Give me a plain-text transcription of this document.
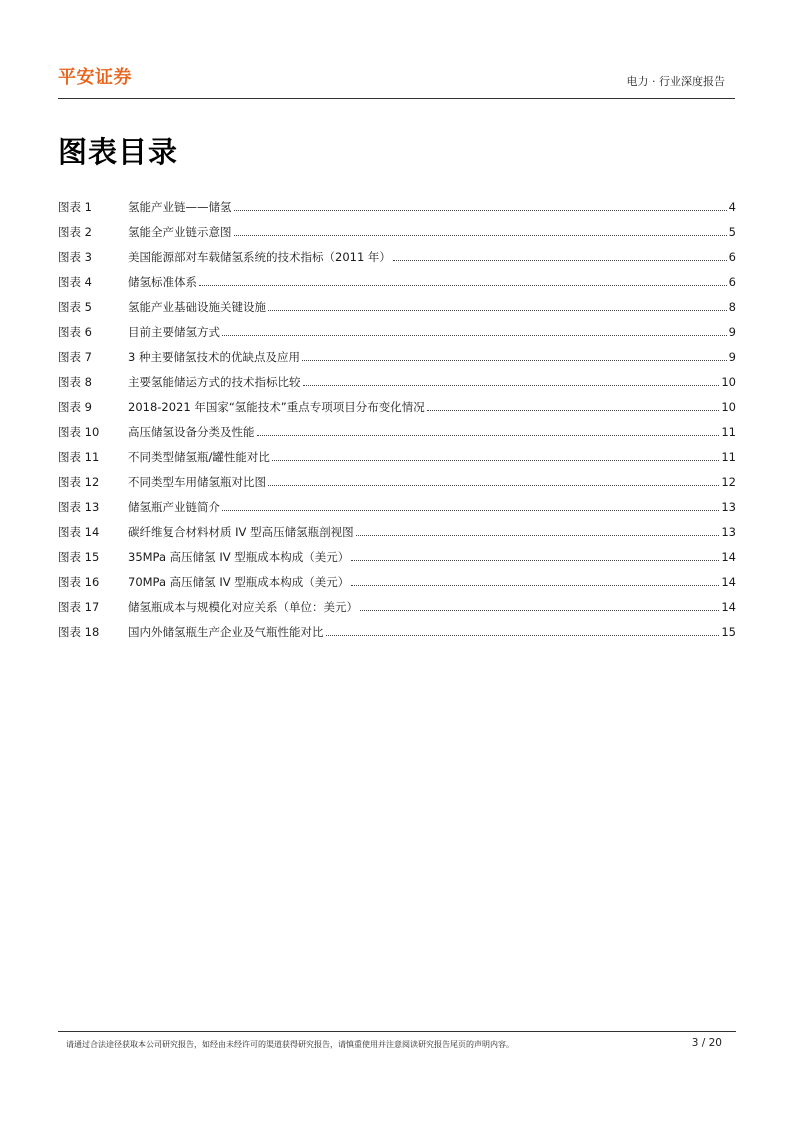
平安证券	电力 · 行业深度报告
图表目录
图表 1	氢能产业链——储氢	4
图表 2	氢能全产业链示意图	5
图表 3	美国能源部对车载储氢系统的技术指标（2011 年）	6
图表 4	储氢标准体系	6
图表 5	氢能产业基础设施关键设施	8
图表 6	目前主要储氢方式	9
图表 7	3 种主要储氢技术的优缺点及应用	9
图表 8	主要氢能储运方式的技术指标比较	10
图表 9	2018-2021 年国家“氢能技术”重点专项项目分布变化情况	10
图表 10	高压储氢设备分类及性能	11
图表 11	不同类型储氢瓶/罐性能对比	11
图表 12	不同类型车用储氢瓶对比图	12
图表 13	储氢瓶产业链简介	13
图表 14	碳纤维复合材料材质 IV 型高压储氢瓶剖视图	13
图表 15	35MPa 高压储氢 IV 型瓶成本构成（美元）	14
图表 16	70MPa 高压储氢 IV 型瓶成本构成（美元）	14
图表 17	储氢瓶成本与规模化对应关系（单位：美元）	14
图表 18	国内外储氢瓶生产企业及气瓶性能对比	15
请通过合法途径获取本公司研究报告，如经由未经许可的渠道获得研究报告，请慎重使用并注意阅读研究报告尾页的声明内容。	3 / 20
